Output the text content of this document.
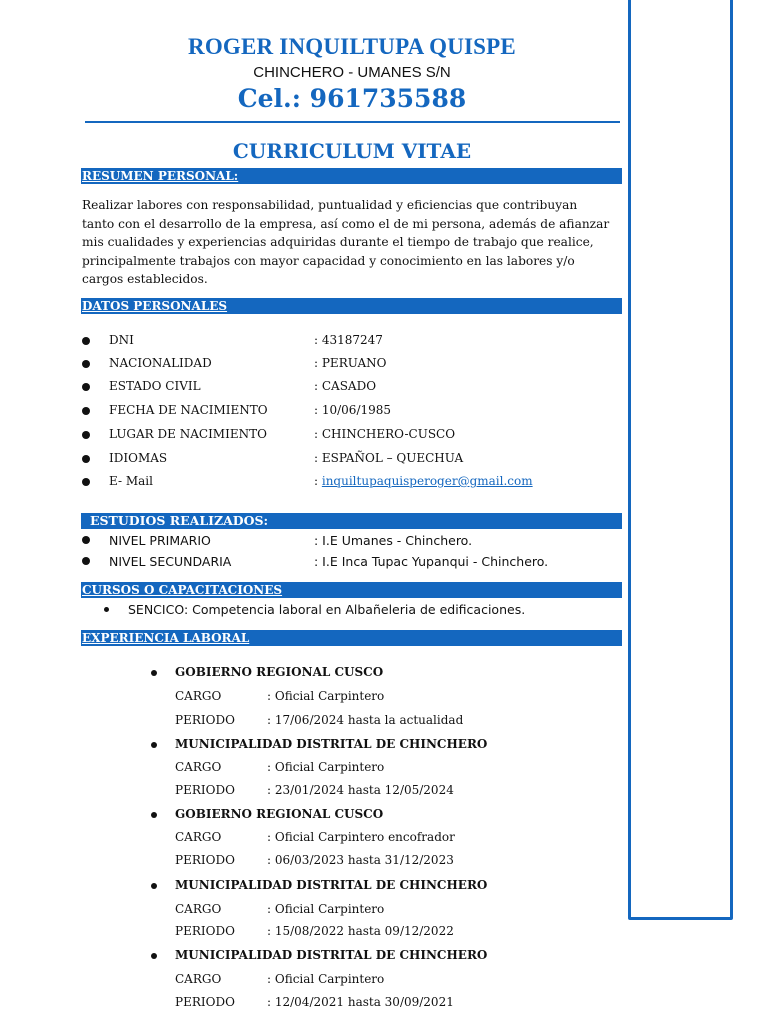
ROGER INQUILTUPA QUISPE
CHINCHERO - UMANES S/N
Cel.: 961735588
CURRICULUM VITAE
RESUMEN PERSONAL:
Realizar labores con responsabilidad, puntualidad y eficiencias que contribuyan tanto con el desarrollo de la empresa, así como el de mi persona, además de afianzar mis cualidades y experiencias adquiridas durante el tiempo de trabajo que realice, principalmente trabajos con mayor capacidad y conocimiento en las labores y/o cargos establecidos.
DATOS PERSONALES
DNI	: 43187247
NACIONALIDAD	: PERUANO
ESTADO CIVIL	: CASADO
FECHA DE NACIMIENTO	: 10/06/1985
LUGAR DE NACIMIENTO	: CHINCHERO-CUSCO
IDIOMAS	: ESPAÑOL – QUECHUA
E- Mail	: inquiltupaquisperoger@gmail.com
ESTUDIOS REALIZADOS:
NIVEL PRIMARIO	: I.E Umanes - Chinchero.
NIVEL SECUNDARIA	: I.E Inca Tupac Yupanqui - Chinchero.
CURSOS O CAPACITACIONES
SENCICO: Competencia laboral en Albañeleria de edificaciones.
EXPERIENCIA LABORAL
GOBIERNO REGIONAL CUSCO
CARGO	: Oficial Carpintero
PERIODO	: 17/06/2024 hasta la actualidad
MUNICIPALIDAD DISTRITAL DE CHINCHERO
CARGO	: Oficial Carpintero
PERIODO	: 23/01/2024 hasta 12/05/2024
GOBIERNO REGIONAL CUSCO
CARGO	: Oficial Carpintero encofrador
PERIODO	: 06/03/2023 hasta 31/12/2023
MUNICIPALIDAD DISTRITAL DE CHINCHERO
CARGO	: Oficial Carpintero
PERIODO	: 15/08/2022 hasta 09/12/2022
MUNICIPALIDAD DISTRITAL DE CHINCHERO
CARGO	: Oficial Carpintero
PERIODO	: 12/04/2021 hasta 30/09/2021
